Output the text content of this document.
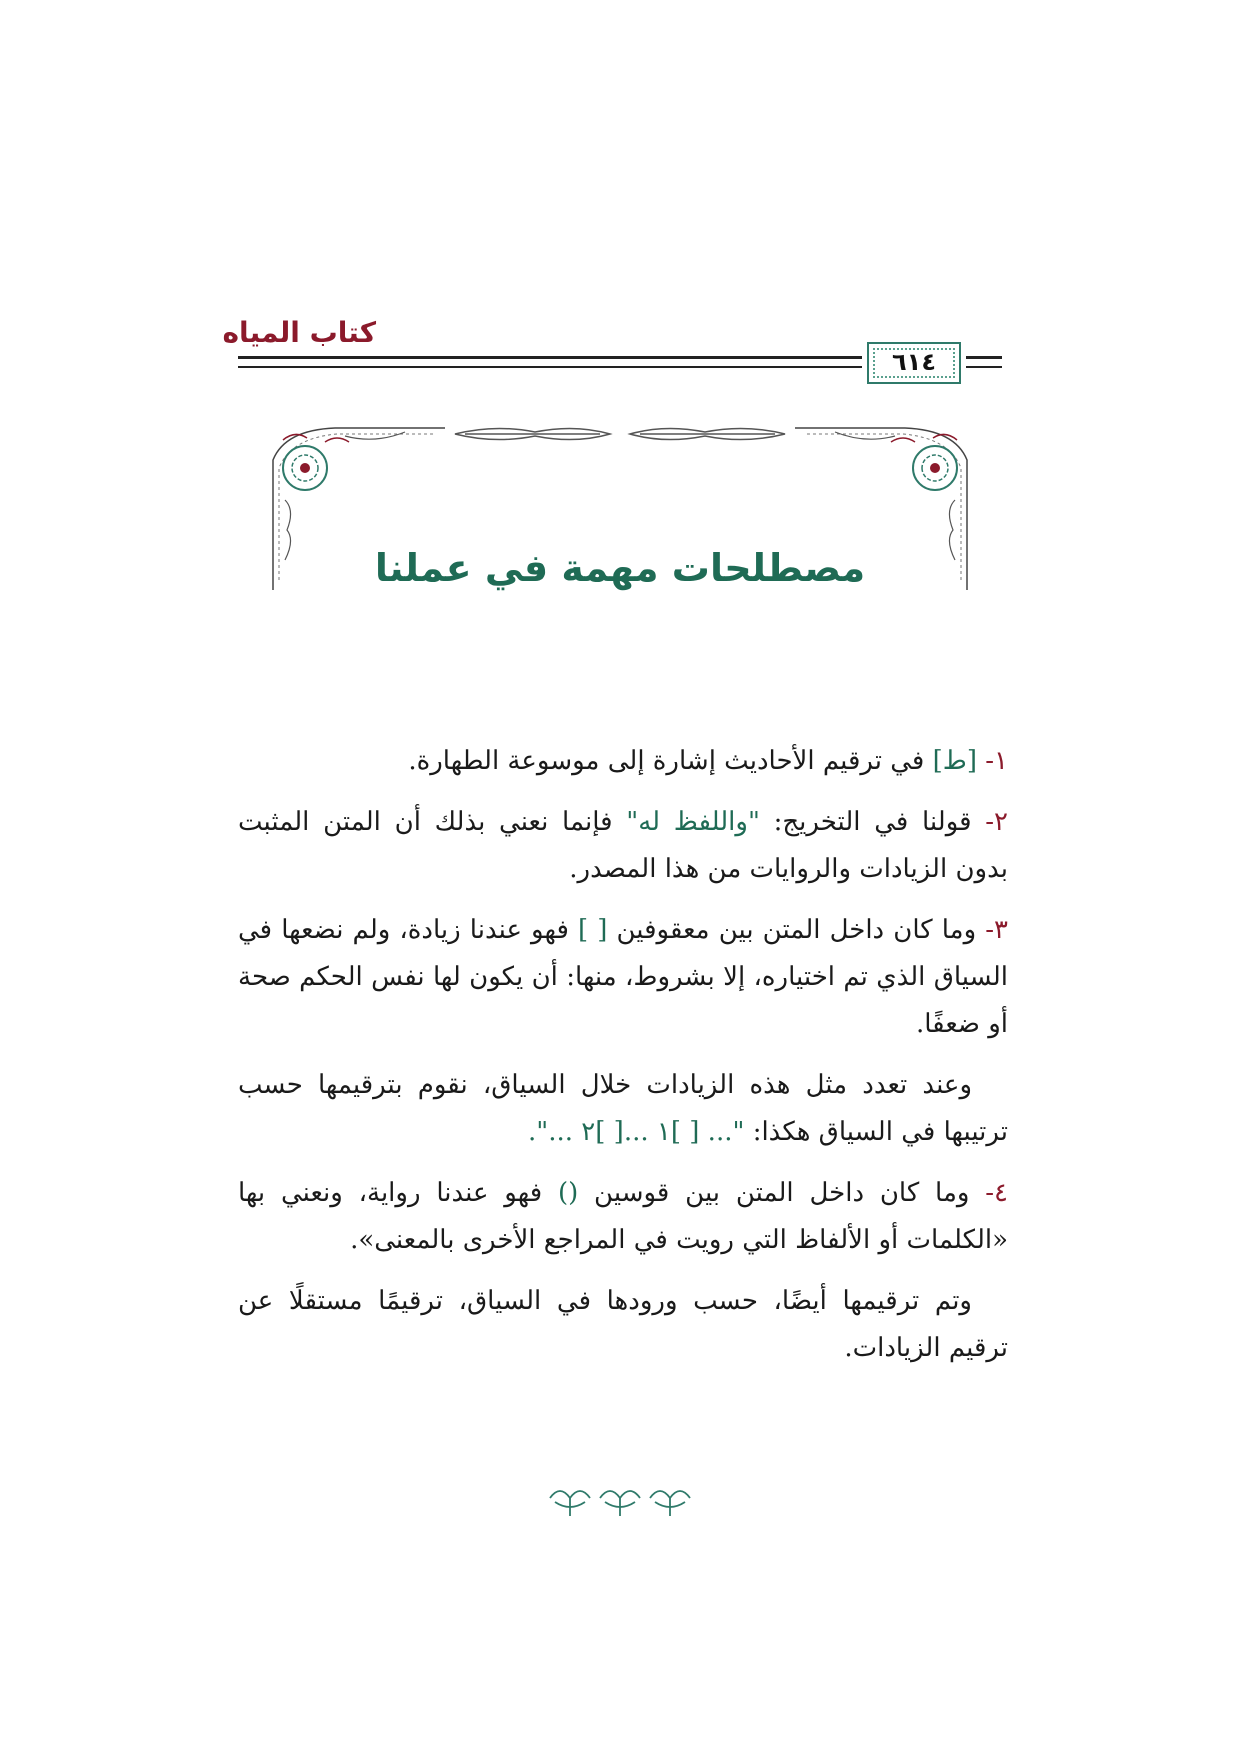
كتاب المياه
٦١٤
مصطلحات مهمة في عملنا

١- [ط] في ترقيم الأحاديث إشارة إلى موسوعة الطهارة.

٢- قولنا في التخريج: "واللفظ له" فإنما نعني بذلك أن المتن المثبت بدون الزيادات والروايات من هذا المصدر.

٣- وما كان داخل المتن بين معقوفين [ ] فهو عندنا زيادة، ولم نضعها في السياق الذي تم اختياره، إلا بشروط، منها: أن يكون لها نفس الحكم صحة أو ضعفًا.

وعند تعدد مثل هذه الزيادات خلال السياق، نقوم بترقيمها حسب ترتيبها في السياق هكذا: "... [ ]١ ...[ ]٢ ...".

٤- وما كان داخل المتن بين قوسين () فهو عندنا رواية، ونعني بها «الكلمات أو الألفاظ التي رويت في المراجع الأخرى بالمعنى».

وتم ترقيمها أيضًا، حسب ورودها في السياق، ترقيمًا مستقلًا عن ترقيم الزيادات.
